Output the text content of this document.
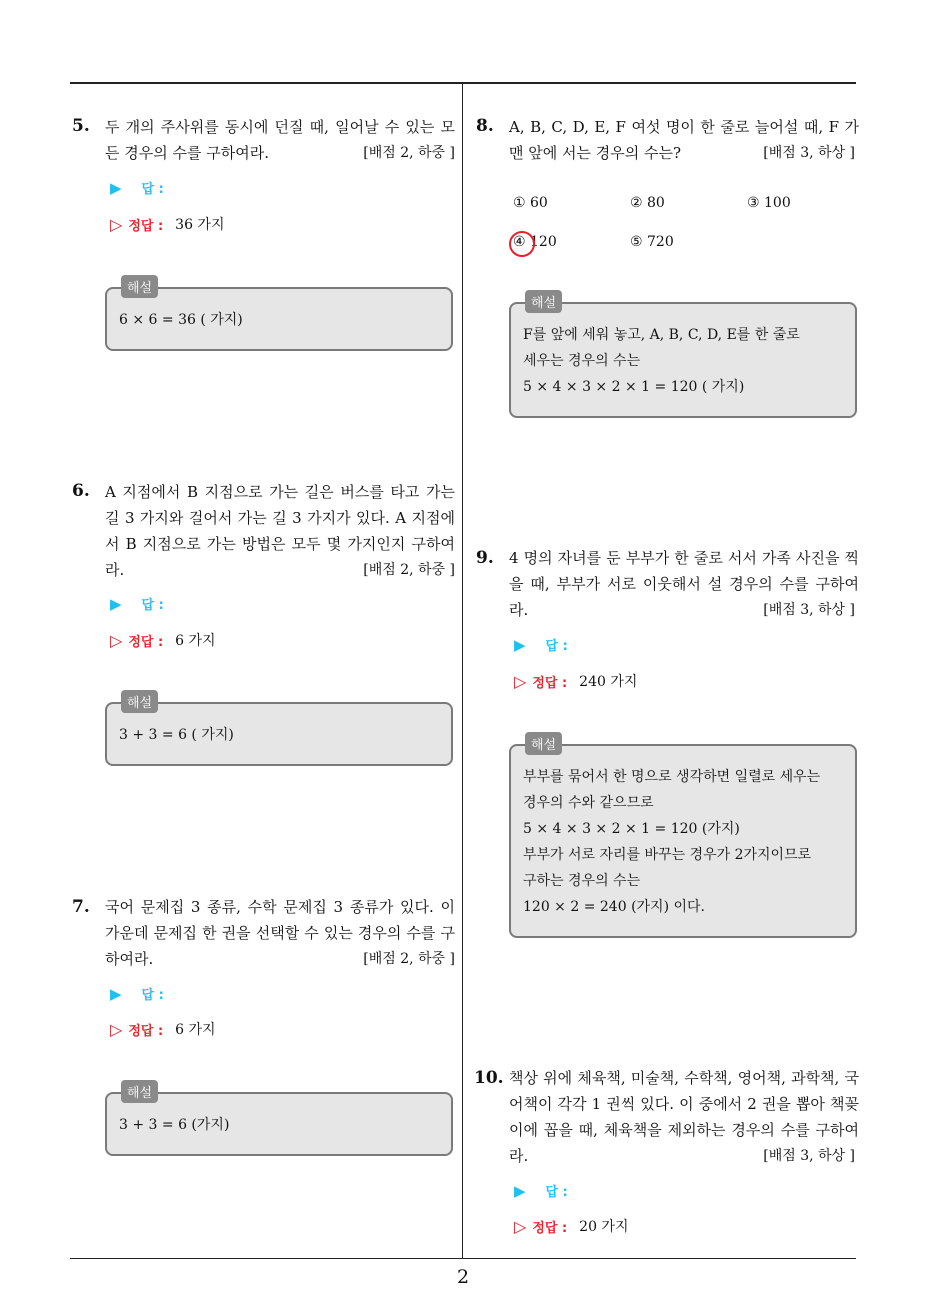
5. 두 개의 주사위를 동시에 던질 때, 일어날 수 있는 모든 경우의 수를 구하여라.	[배점 2, 하중 ]
▶ 답 :
▷ 정답 : 36 가지
해설
6 × 6 = 36 ( 가지)
6. A 지점에서 B 지점으로 가는 길은 버스를 타고 가는 길 3 가지와 걸어서 가는 길 3 가지가 있다. A 지점에서 B 지점으로 가는 방법은 모두 몇 가지인지 구하여라.	[배점 2, 하중 ]
▶ 답 :
▷ 정답 : 6 가지
해설
3 + 3 = 6 ( 가지)
7. 국어 문제집 3 종류, 수학 문제집 3 종류가 있다. 이 가운데 문제집 한 권을 선택할 수 있는 경우의 수를 구하여라.	[배점 2, 하중 ]
▶ 답 :
▷ 정답 : 6 가지
해설
3 + 3 = 6 (가지)
8. A, B, C, D, E, F 여섯 명이 한 줄로 늘어설 때, F 가 맨 앞에 서는 경우의 수는?	[배점 3, 하상 ]
① 60	② 80	③ 100
④ 120	⑤ 720
해설
F를 앞에 세워 놓고, A, B, C, D, E를 한 줄로
세우는 경우의 수는
5 × 4 × 3 × 2 × 1 = 120 ( 가지)
9. 4 명의 자녀를 둔 부부가 한 줄로 서서 가족 사진을 찍을 때, 부부가 서로 이웃해서 설 경우의 수를 구하여라.	[배점 3, 하상 ]
▶ 답 :
▷ 정답 : 240 가지
해설
부부를 묶어서 한 명으로 생각하면 일렬로 세우는
경우의 수와 같으므로
5 × 4 × 3 × 2 × 1 = 120 (가지)
부부가 서로 자리를 바꾸는 경우가 2가지이므로
구하는 경우의 수는
120 × 2 = 240 (가지) 이다.
10. 책상 위에 체육책, 미술책, 수학책, 영어책, 과학책, 국어책이 각각 1 권씩 있다. 이 중에서 2 권을 뽑아 책꽂이에 꼽을 때, 체육책을 제외하는 경우의 수를 구하여라.	[배점 3, 하상 ]
▶ 답 :
▷ 정답 : 20 가지
2
